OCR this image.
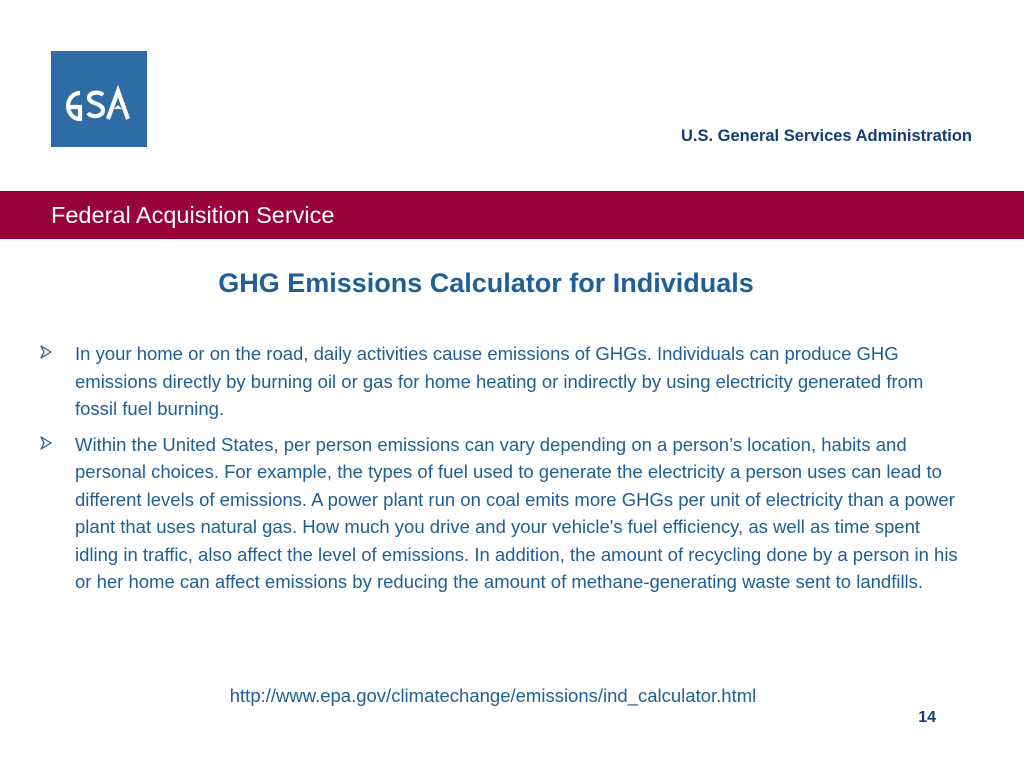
U.S. General Services Administration
Federal Acquisition Service
GHG Emissions Calculator for Individuals
In your home or on the road, daily activities cause emissions of GHGs. Individuals can produce GHG emissions directly by burning oil or gas for home heating or indirectly by using electricity generated from fossil fuel burning.
Within the United States, per person emissions can vary depending on a person’s location, habits and personal choices. For example, the types of fuel used to generate the electricity a person uses can lead to different levels of emissions. A power plant run on coal emits more GHGs per unit of electricity than a power plant that uses natural gas. How much you drive and your vehicle's fuel efficiency, as well as time spent idling in traffic, also affect the level of emissions. In addition, the amount of recycling done by a person in his or her home can affect emissions by reducing the amount of methane-generating waste sent to landfills.
http://www.epa.gov/climatechange/emissions/ind_calculator.html
14
